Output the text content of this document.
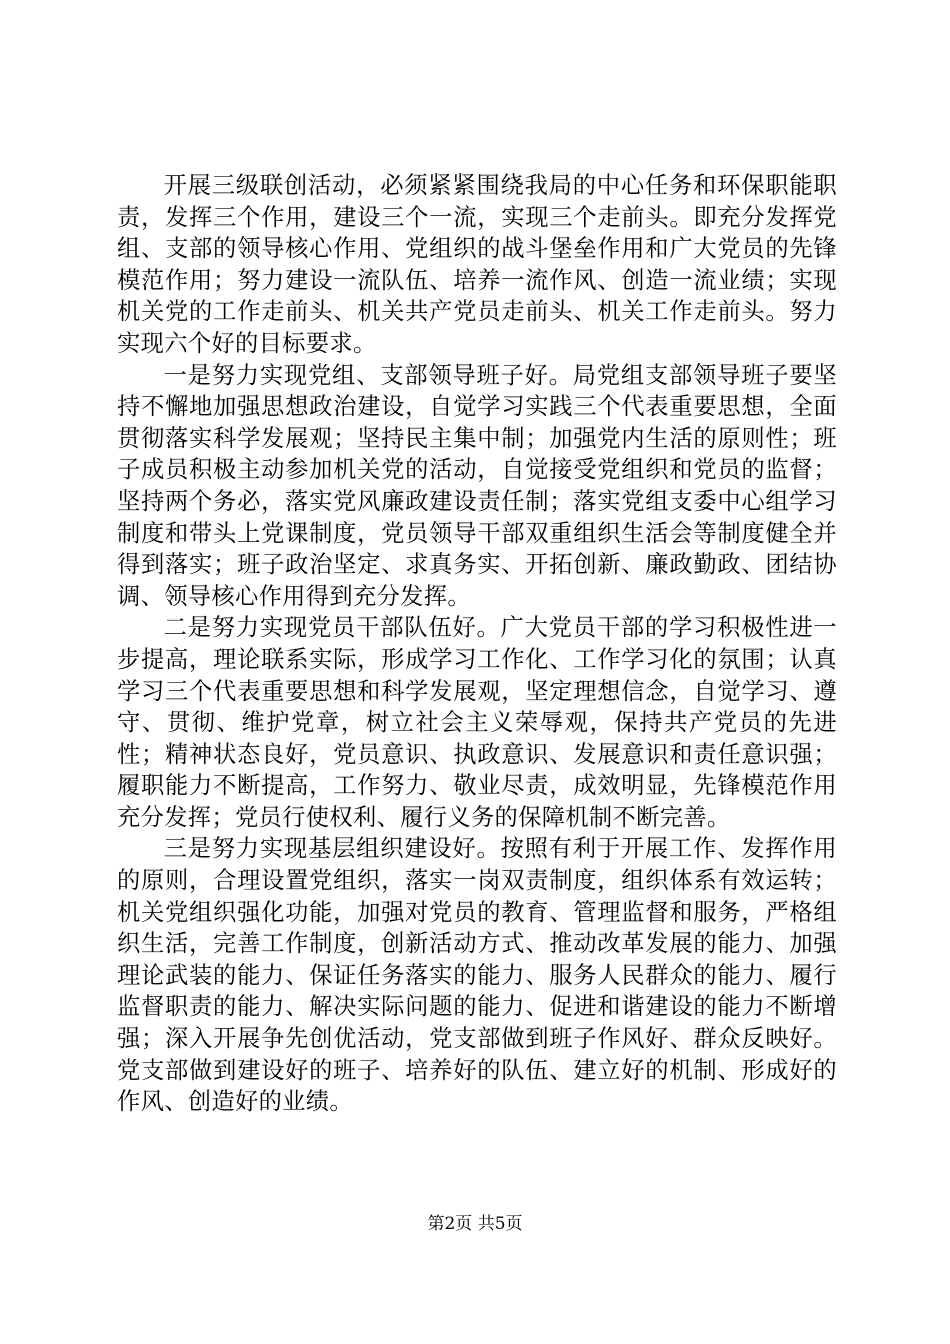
开展三级联创活动，必须紧紧围绕我局的中心任务和环保职能职责，发挥三个作用，建设三个一流，实现三个走前头。即充分发挥党组、支部的领导核心作用、党组织的战斗堡垒作用和广大党员的先锋模范作用；努力建设一流队伍、培养一流作风、创造一流业绩；实现机关党的工作走前头、机关共产党员走前头、机关工作走前头。努力实现六个好的目标要求。

一是努力实现党组、支部领导班子好。局党组支部领导班子要坚持不懈地加强思想政治建设，自觉学习实践三个代表重要思想，全面贯彻落实科学发展观；坚持民主集中制；加强党内生活的原则性；班子成员积极主动参加机关党的活动，自觉接受党组织和党员的监督；坚持两个务必，落实党风廉政建设责任制；落实党组支委中心组学习制度和带头上党课制度，党员领导干部双重组织生活会等制度健全并得到落实；班子政治坚定、求真务实、开拓创新、廉政勤政、团结协调、领导核心作用得到充分发挥。

二是努力实现党员干部队伍好。广大党员干部的学习积极性进一步提高，理论联系实际，形成学习工作化、工作学习化的氛围；认真学习三个代表重要思想和科学发展观，坚定理想信念，自觉学习、遵守、贯彻、维护党章，树立社会主义荣辱观，保持共产党员的先进性；精神状态良好，党员意识、执政意识、发展意识和责任意识强；履职能力不断提高，工作努力、敬业尽责，成效明显，先锋模范作用充分发挥；党员行使权利、履行义务的保障机制不断完善。

三是努力实现基层组织建设好。按照有利于开展工作、发挥作用的原则，合理设置党组织，落实一岗双责制度，组织体系有效运转；机关党组织强化功能，加强对党员的教育、管理监督和服务，严格组织生活，完善工作制度，创新活动方式、推动改革发展的能力、加强理论武装的能力、保证任务落实的能力、服务人民群众的能力、履行监督职责的能力、解决实际问题的能力、促进和谐建设的能力不断增强；深入开展争先创优活动，党支部做到班子作风好、群众反映好。党支部做到建设好的班子、培养好的队伍、建立好的机制、形成好的作风、创造好的业绩。

第2页 共5页
